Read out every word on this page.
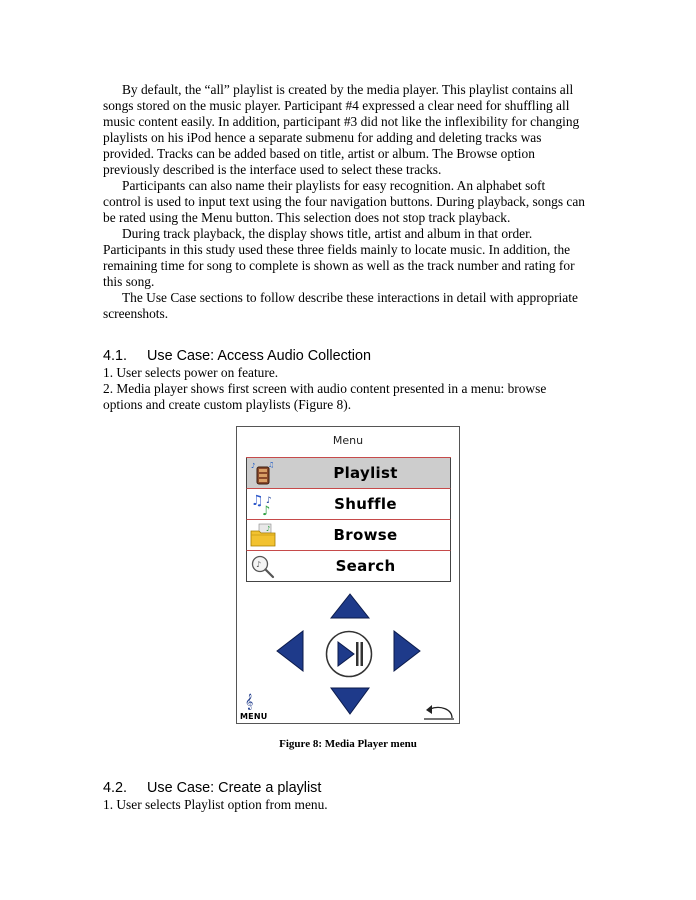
By default, the “all” playlist is created by the media player. This playlist contains all
songs stored on the music player. Participant #4 expressed a clear need for shuffling all
music content easily. In addition, participant #3 did not like the inflexibility for changing
playlists on his iPod hence a separate submenu for adding and deleting tracks was
provided. Tracks can be added based on title, artist or album. The Browse option
previously described is the interface used to select these tracks.
Participants can also name their playlists for easy recognition. An alphabet soft
control is used to input text using the four navigation buttons. During playback, songs can
be rated using the Menu button. This selection does not stop track playback.
During track playback, the display shows title, artist and album in that order.
Participants in this study used these three fields mainly to locate music. In addition, the
remaining time for song to complete is shown as well as the track number and rating for
this song.
The Use Case sections to follow describe these interactions in detail with appropriate
screenshots.
4.1. Use Case: Access Audio Collection
1. User selects power on feature.
2. Media player shows first screen with audio content presented in a menu: browse
options and create custom playlists (Figure 8).
Menu
♪ ♫	Playlist
♫
♪
♪	Shuffle
♪	Browse
♪	Search
𝄞
MENU
Figure 8: Media Player menu
4.2. Use Case: Create a playlist
1. User selects Playlist option from menu.
